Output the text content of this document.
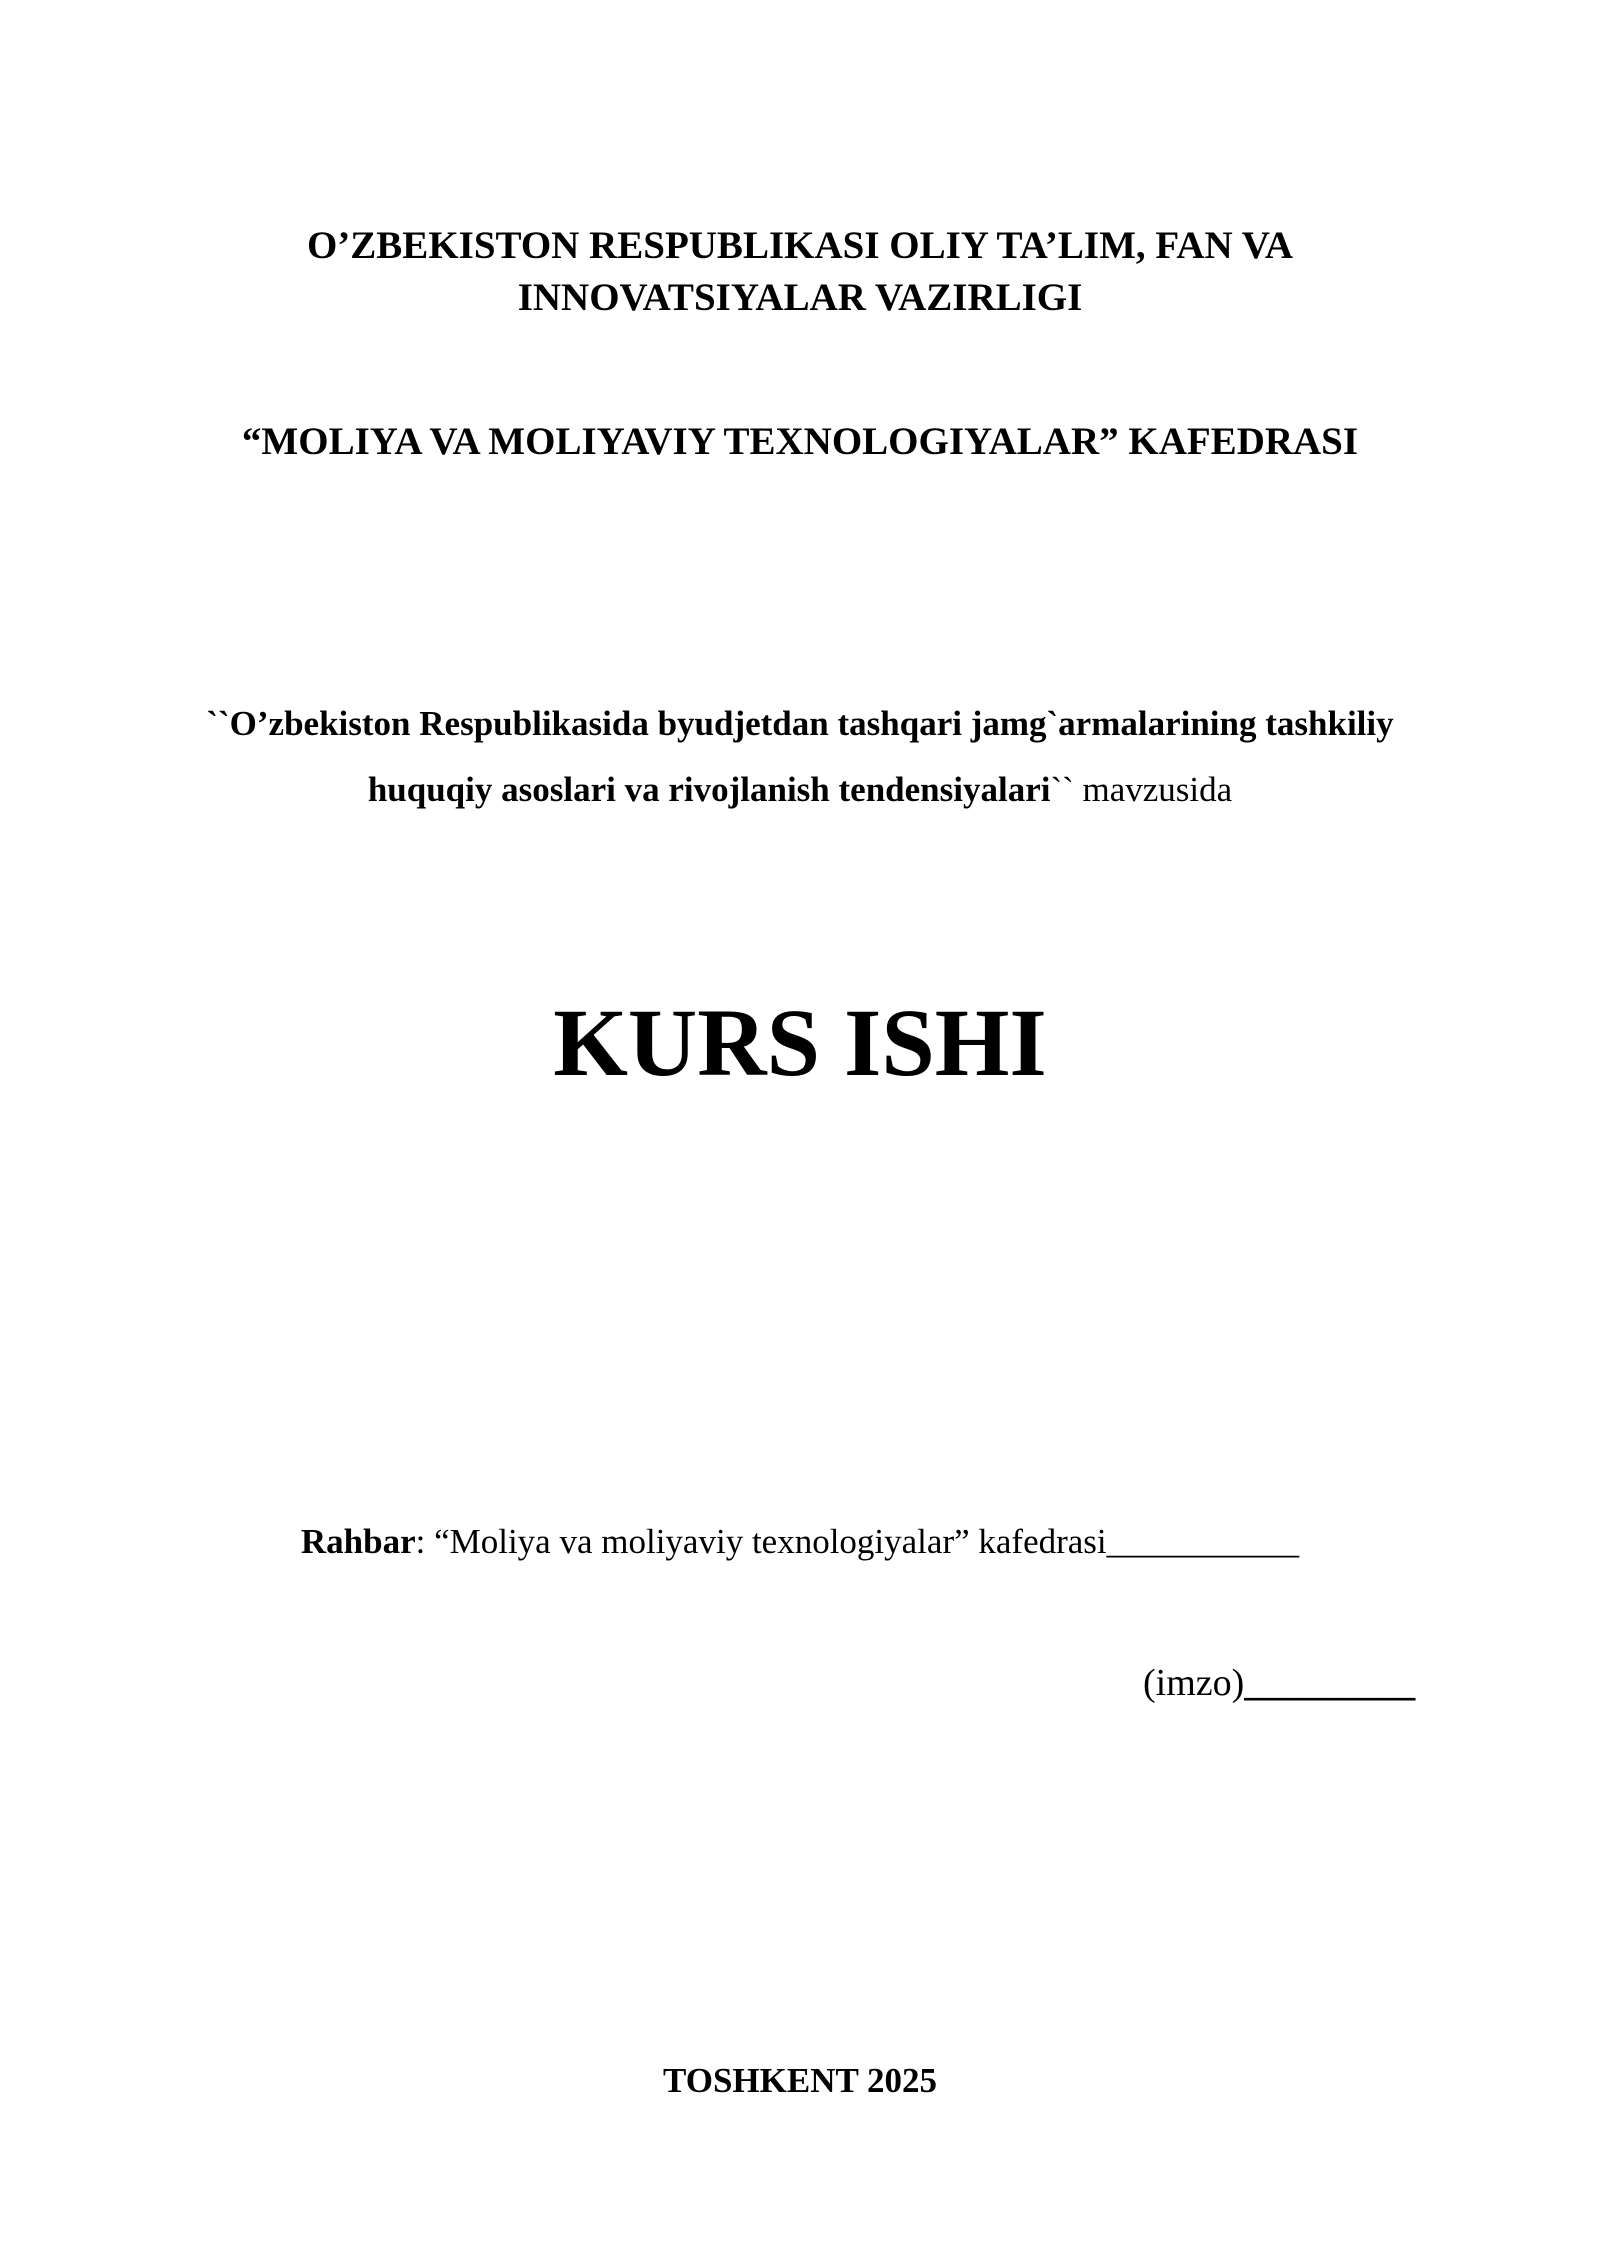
O’ZBEKISTON RESPUBLIKASI OLIY TA’LIM, FAN VA
INNOVATSIYALAR VAZIRLIGI
“MOLIYA VA MOLIYAVIY TEXNOLOGIYALAR” KAFEDRASI
``O’zbekiston Respublikasida byudjetdan tashqari jamg`armalarining tashkiliy
huquqiy asoslari va rivojlanish tendensiyalari`` mavzusida
KURS ISHI
Rahbar: “Moliya va moliyaviy texnologiyalar” kafedrasi___________
(imzo)_________
TOSHKENT 2025
